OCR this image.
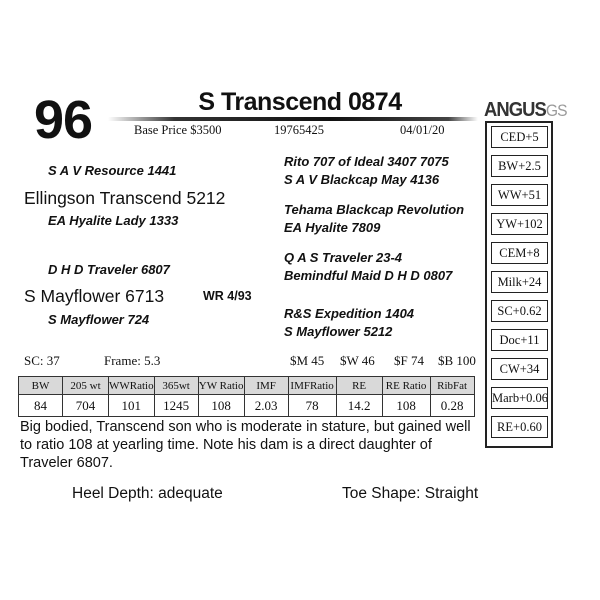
96	S Transcend 0874
Base Price $3500	19765425	04/01/20
ANGUSGS
CED+5
BW+2.5
WW+51
YW+102
CEM+8
Milk+24
SC+0.62
Doc+11
CW+34
Marb+0.06
RE+0.60
S A V Resource 1441
Ellingson Transcend 5212
EA Hyalite Lady 1333
D H D Traveler 6807
S Mayflower 6713	WR 4/93
S Mayflower 724
Rito 707 of Ideal 3407 7075
S A V Blackcap May 4136
Tehama Blackcap Revolution
EA Hyalite 7809
Q A S Traveler 23-4
Bemindful Maid D H D 0807
R&S Expedition 1404
S Mayflower 5212
SC: 37	Frame: 5.3	$M 45 $W 46 $F 74 $B 100
BW	205 wt	WWRatio	365wt	YW Ratio	IMF	IMFRatio	RE	RE Ratio	RibFat
84	704	101	1245	108	2.03	78	14.2	108	0.28
Big bodied, Transcend son who is moderate in stature, but gained well to ratio 108 at yearling time. Note his dam is a direct daughter of Traveler 6807.
Heel Depth: adequate	Toe Shape: Straight
